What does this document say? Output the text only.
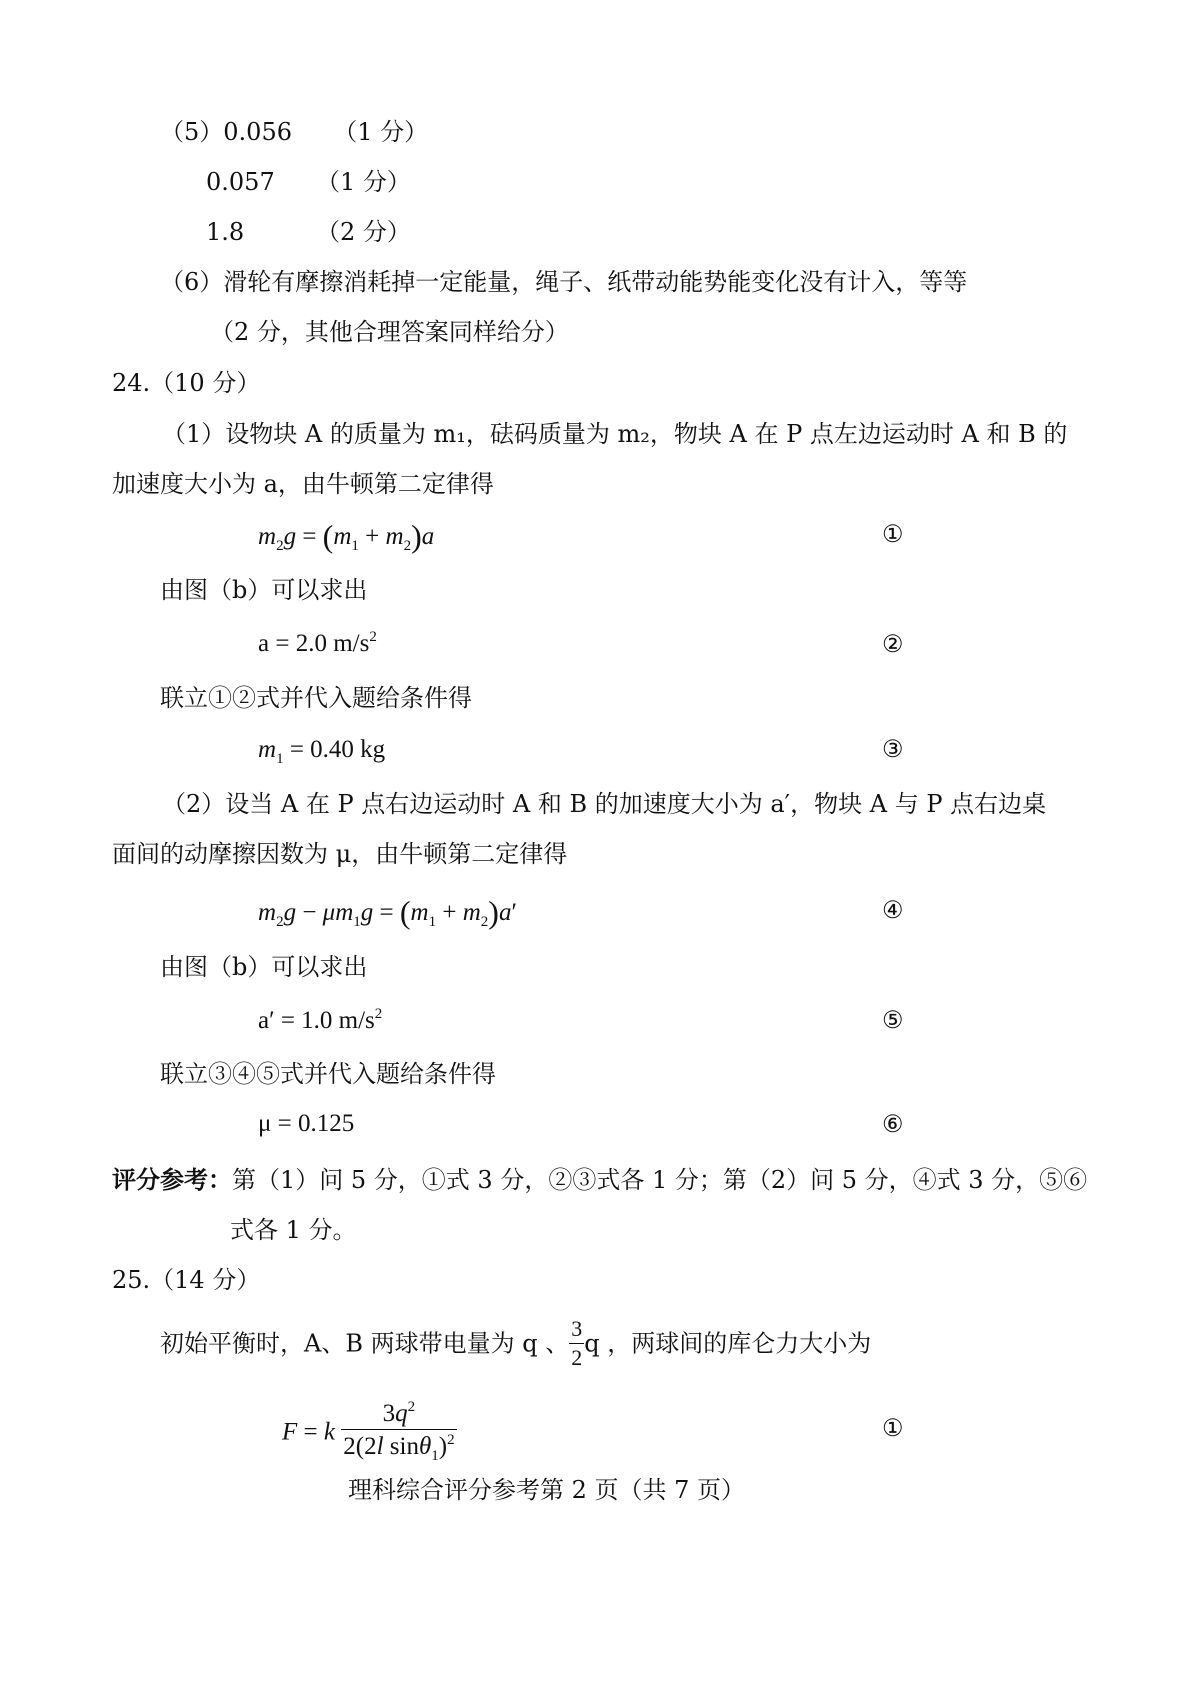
（5）0.056 （1 分）
0.057 （1 分）
1.8	（2 分）
（6）滑轮有摩擦消耗掉一定能量，绳子、纸带动能势能变化没有计入，等等
（2 分，其他合理答案同样给分）
24.（10 分）
（1）设物块 A 的质量为 m₁，砝码质量为 m₂，物块 A 在 P 点左边运动时 A 和 B 的
加速度大小为 a，由牛顿第二定律得
$m_2g = (m_1 + m_2)a$	①
由图（b）可以求出
a = 2.0 $m/s^2$	②
联立①②式并代入题给条件得
$m_1 = 0.40$ kg	③
（2）设当 A 在 P 点右边运动时 A 和 B 的加速度大小为 a′，物块 A 与 P 点右边桌
面间的动摩擦因数为 μ，由牛顿第二定律得
$m_2g - \mu m_1g = (m_1 + m_2)a'$	④
由图（b）可以求出
a′ = 1.0 $m/s^2$	⑤
联立③④⑤式并代入题给条件得
μ = 0.125	⑥
评分参考：第（1）问 5 分，①式 3 分，②③式各 1 分；第（2）问 5 分，④式 3 分，⑤⑥
式各 1 分。
25.（14 分）
初始平衡时，A、B 两球带电量为 q 、 $\frac{3}{2}$ q ，两球间的库仑力大小为
F = k $\frac{3q^2}{2(2l \sin\theta_1)^2}$	①
理科综合评分参考第 2 页（共 7 页）
